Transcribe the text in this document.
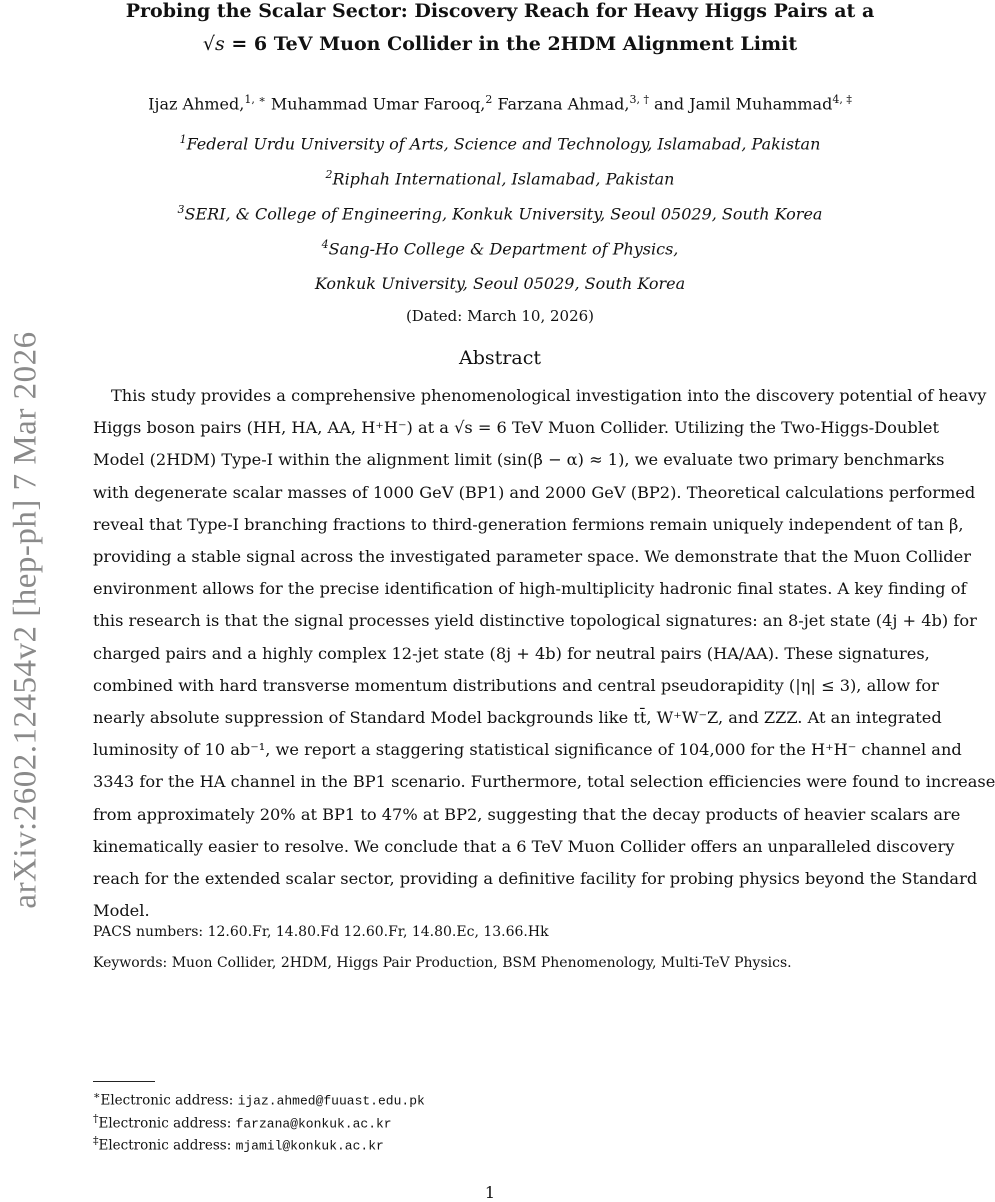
arXiv:2602.12454v2 [hep-ph] 7 Mar 2026
Probing the Scalar Sector: Discovery Reach for Heavy Higgs Pairs at a
√s = 6 TeV Muon Collider in the 2HDM Alignment Limit
Ijaz Ahmed,$^{1, ∗}$ Muhammad Umar Farooq,$^2$ Farzana Ahmad,$^{3, \dagger}$ and Jamil Muhammad$^{4, \ddagger}$
$^1$Federal Urdu University of Arts, Science and Technology, Islamabad, Pakistan
$^2$Riphah International, Islamabad, Pakistan
$^3$SERI, & College of Engineering, Konkuk University, Seoul 05029, South Korea
$^4$Sang-Ho College & Department of Physics,
Konkuk University, Seoul 05029, South Korea
(Dated: March 10, 2026)
Abstract
This study provides a comprehensive phenomenological investigation into the discovery potential of heavy
Higgs boson pairs (HH, HA, AA, H⁺H⁻) at a √s = 6 TeV Muon Collider. Utilizing the Two-Higgs-Doublet
Model (2HDM) Type-I within the alignment limit (sin(β − α) ≈ 1), we evaluate two primary benchmarks
with degenerate scalar masses of 1000 GeV (BP1) and 2000 GeV (BP2). Theoretical calculations performed
reveal that Type-I branching fractions to third-generation fermions remain uniquely independent of tan β,
providing a stable signal across the investigated parameter space. We demonstrate that the Muon Collider
environment allows for the precise identification of high-multiplicity hadronic final states. A key finding of
this research is that the signal processes yield distinctive topological signatures: an 8-jet state (4j + 4b) for
charged pairs and a highly complex 12-jet state (8j + 4b) for neutral pairs (HA/AA). These signatures,
combined with hard transverse momentum distributions and central pseudorapidity (|η| ≤ 3), allow for
nearly absolute suppression of Standard Model backgrounds like tt̄, W⁺W⁻Z, and ZZZ. At an integrated
luminosity of 10 ab⁻¹, we report a staggering statistical significance of 104,000 for the H⁺H⁻ channel and
3343 for the HA channel in the BP1 scenario. Furthermore, total selection efficiencies were found to increase
from approximately 20% at BP1 to 47% at BP2, suggesting that the decay products of heavier scalars are
kinematically easier to resolve. We conclude that a 6 TeV Muon Collider offers an unparalleled discovery
reach for the extended scalar sector, providing a definitive facility for probing physics beyond the Standard
Model.
PACS numbers: 12.60.Fr, 14.80.Fd 12.60.Fr, 14.80.Ec, 13.66.Hk
Keywords: Muon Collider, 2HDM, Higgs Pair Production, BSM Phenomenology, Multi-TeV Physics.
∗Electronic address: ijaz.ahmed@fuuast.edu.pk
†Electronic address: farzana@konkuk.ac.kr
‡Electronic address: mjamil@konkuk.ac.kr
1
